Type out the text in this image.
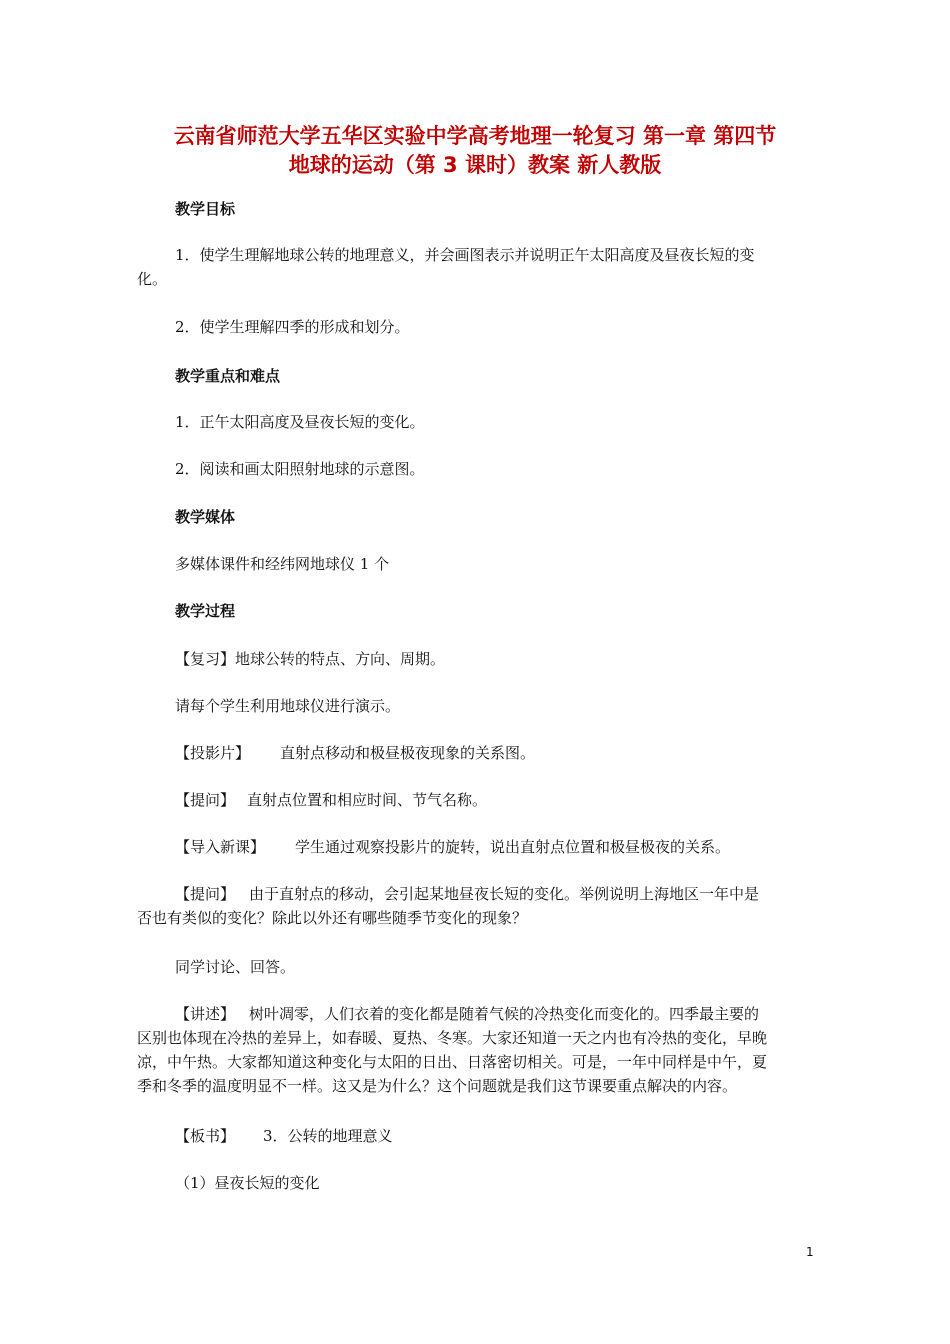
云南省师范大学五华区实验中学高考地理一轮复习 第一章 第四节
地球的运动（第 3 课时）教案 新人教版
教学目标

1．使学生理解地球公转的地理意义，并会画图表示并说明正午太阳高度及昼夜长短的变

化。

2．使学生理解四季的形成和划分。

教学重点和难点

1．正午太阳高度及昼夜长短的变化。

2．阅读和画太阳照射地球的示意图。

教学媒体

多媒体课件和经纬网地球仪 1 个

教学过程

【复习】地球公转的特点、方向、周期。

请每个学生利用地球仪进行演示。

【投影片】 直射点移动和极昼极夜现象的关系图。

【提问】 直射点位置和相应时间、节气名称。

【导入新课】 学生通过观察投影片的旋转，说出直射点位置和极昼极夜的关系。

【提问】 由于直射点的移动，会引起某地昼夜长短的变化。举例说明上海地区一年中是

否也有类似的变化？除此以外还有哪些随季节变化的现象？

同学讨论、回答。

【讲述】 树叶凋零，人们衣着的变化都是随着气候的冷热变化而变化的。四季最主要的

区别也体现在冷热的差异上，如春暖、夏热、冬寒。大家还知道一天之内也有冷热的变化，早晚

凉，中午热。大家都知道这种变化与太阳的日出、日落密切相关。可是，一年中同样是中午，夏

季和冬季的温度明显不一样。这又是为什么？这个问题就是我们这节课要重点解决的内容。

【板书】 3．公转的地理意义

（1）昼夜长短的变化

1
